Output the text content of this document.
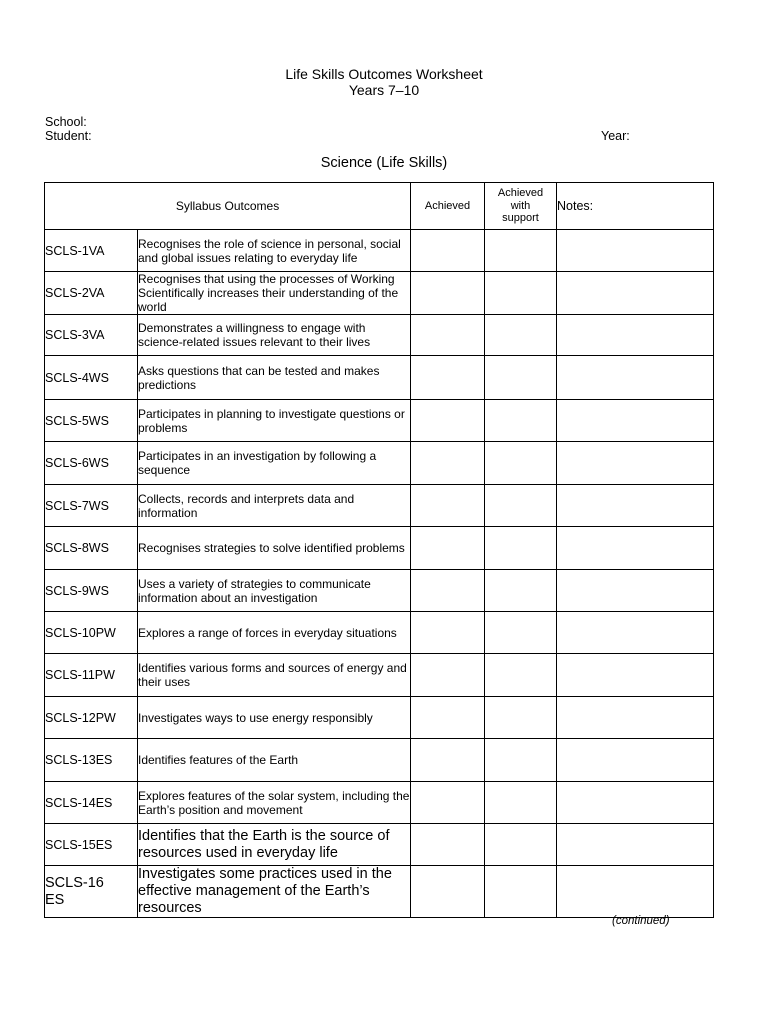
Life Skills Outcomes Worksheet
Years 7–10
School:
Student:	Year:
Science (Life Skills)
Syllabus Outcomes		Achieved	Achieved with support	Notes:
SCLS-1VA	Recognises the role of science in personal, social and global issues relating to everyday life			
SCLS-2VA	Recognises that using the processes of Working Scientifically increases their understanding of the world			
SCLS-3VA	Demonstrates a willingness to engage with science-related issues relevant to their lives			
SCLS-4WS	Asks questions that can be tested and makes predictions			
SCLS-5WS	Participates in planning to investigate questions or problems			
SCLS-6WS	Participates in an investigation by following a sequence			
SCLS-7WS	Collects, records and interprets data and information			
SCLS-8WS	Recognises strategies to solve identified problems			
SCLS-9WS	Uses a variety of strategies to communicate information about an investigation			
SCLS-10PW	Explores a range of forces in everyday situations			
SCLS-11PW	Identifies various forms and sources of energy and their uses			
SCLS-12PW	Investigates ways to use energy responsibly			
SCLS-13ES	Identifies features of the Earth			
SCLS-14ES	Explores features of the solar system, including the Earth’s position and movement			
SCLS-15ES	Identifies that the Earth is the source of resources used in everyday life			
SCLS-16ES	Investigates some practices used in the effective management of the Earth’s resources			
(continued)
